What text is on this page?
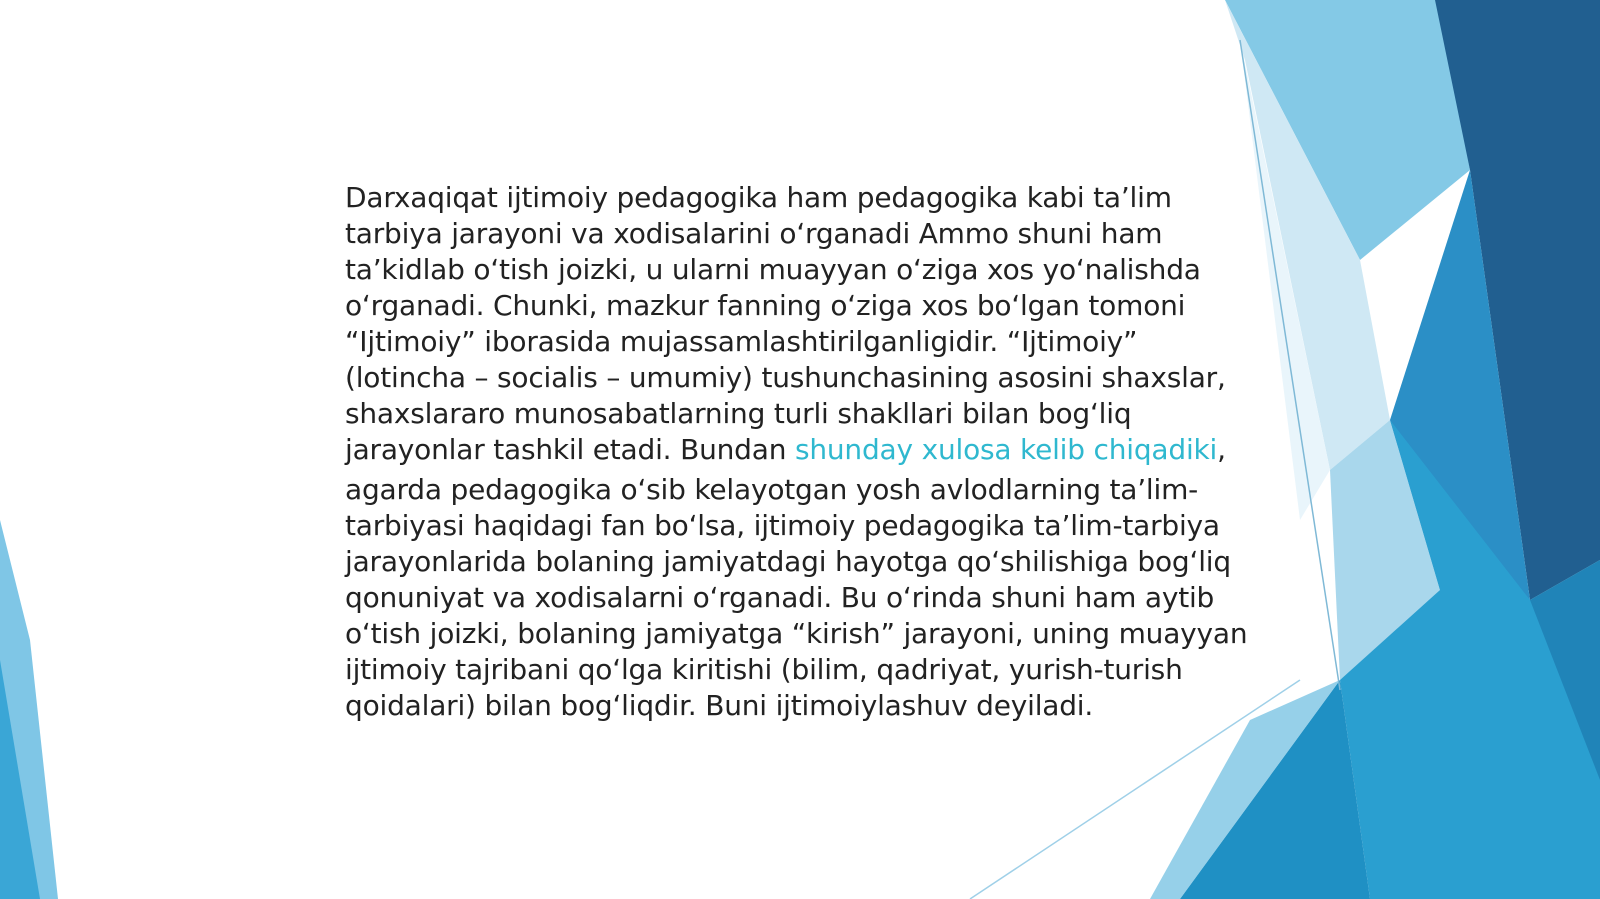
Darxaqiqat ijtimoiy pedagogika ham pedagogika kabi ta’lim
tarbiya jarayoni va xodisalarini oʻrganadi Ammo shuni ham
ta’kidlab oʻtish joizki, u ularni muayyan oʻziga xos yoʻnalishda
oʻrganadi. Chunki, mazkur fanning oʻziga xos boʻlgan tomoni
“Ijtimoiy” iborasida mujassamlashtirilganligidir. “Ijtimoiy”
(lotincha – socialis – umumiy) tushunchasining asosini shaxslar,
shaxslararo munosabatlarning turli shakllari bilan bogʻliq
jarayonlar tashkil etadi. Bundan shunday xulosa kelib chiqadiki,
agarda pedagogika oʻsib kelayotgan yosh avlodlarning ta’lim-
tarbiyasi haqidagi fan boʻlsa, ijtimoiy pedagogika ta’lim-tarbiya
jarayonlarida bolaning jamiyatdagi hayotga qoʻshilishiga bogʻliq
qonuniyat va xodisalarni oʻrganadi. Bu oʻrinda shuni ham aytib
oʻtish joizki, bolaning jamiyatga “kirish” jarayoni, uning muayyan
ijtimoiy tajribani qoʻlga kiritishi (bilim, qadriyat, yurish-turish
qoidalari) bilan bogʻliqdir. Buni ijtimoiylashuv deyiladi.
